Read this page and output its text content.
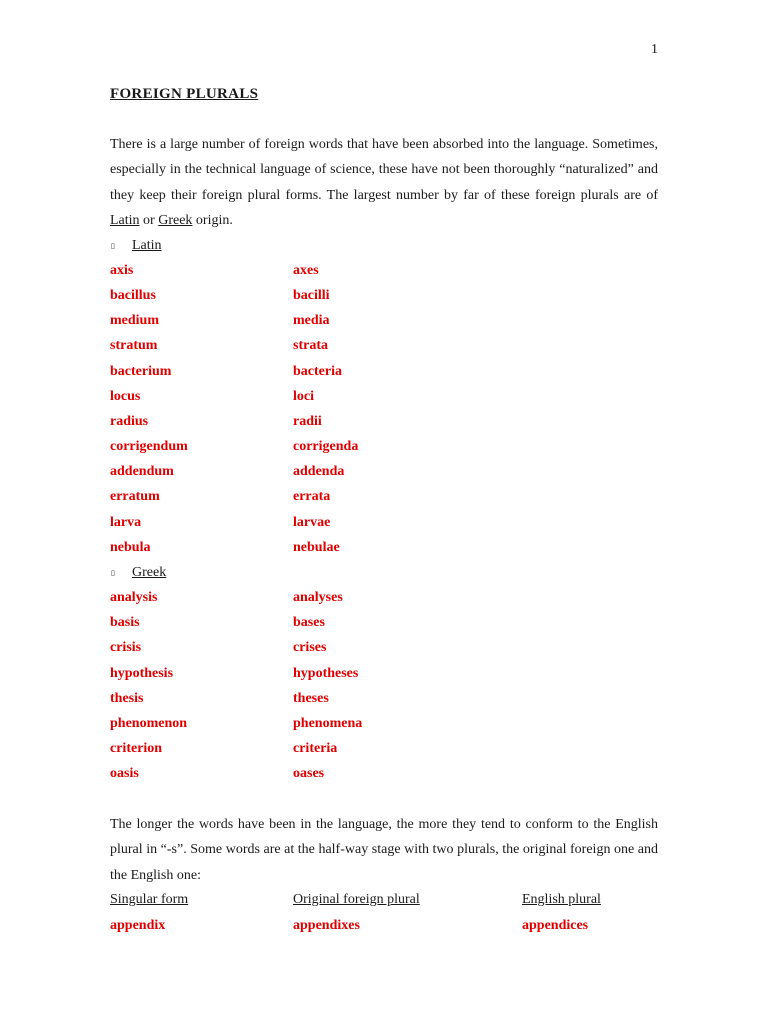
1

FOREIGN PLURALS

There is a large number of foreign words that have been absorbed into the language. Sometimes, especially in the technical language of science, these have not been thoroughly “naturalized” and they keep their foreign plural forms. The largest number by far of these foreign plurals are of Latin or Greek origin.

▯	Latin
axis	axes
bacillus	bacilli
medium	media
stratum	strata
bacterium	bacteria
locus	loci
radius	radii
corrigendum	corrigenda
addendum	addenda
erratum	errata
larva	larvae
nebula	nebulae
▯	Greek
analysis	analyses
basis	bases
crisis	crises
hypothesis	hypotheses
thesis	theses
phenomenon	phenomena
criterion	criteria
oasis	oases

The longer the words have been in the language, the more they tend to conform to the English plural in “-s”. Some words are at the half-way stage with two plurals, the original foreign one and the English one:

Singular form	Original foreign plural	English plural
appendix	appendixes	appendices
